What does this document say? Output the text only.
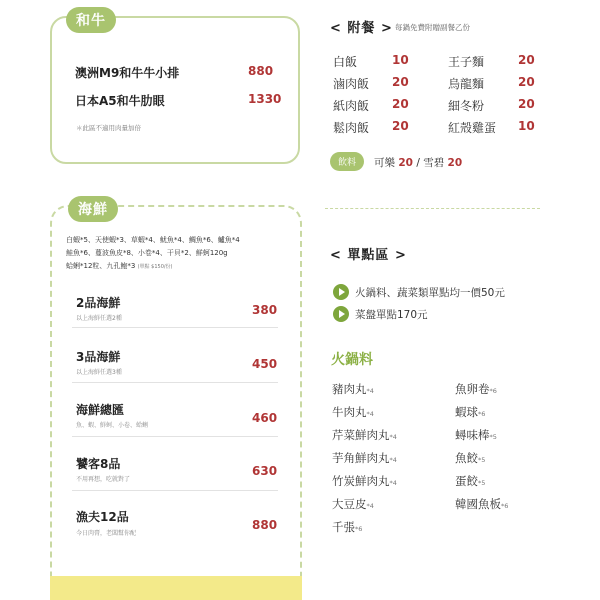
和牛
澳洲M9和牛牛小排	880
日本A5和牛肋眼	1330
＊此區不適用肉量加倍
海鮮
白蝦*5、天使蝦*3、草蝦*4、魷魚*4、鯛魚*6、鱸魚*4
鮭魚*6、蔓波魚皮*8、小卷*4、干貝*2、鮮蚵120g
蛤蜊*12粒、九孔鮑*3 (單點 $150/份)
2品海鮮
以上海鮮任選2種
380
3品海鮮
以上海鮮任選3種
450
海鮮總匯
魚、蝦、鮮蚵、小卷、蛤蜊
460
饕客8品
不用再想，吃就對了
630
漁夫12品
今日肉膏，老闆幫你配
880
< 附餐 > 每鍋免費附贈副餐乙份
白飯	10
滷肉飯 20
紙肉飯 20
鬆肉飯 20
王子麵	20
烏龍麵	20
細冬粉	20
紅殼雞蛋 10
飲料	可樂 20 / 雪碧 20
< 單點區 >
火鍋料、蔬菜類單點均一價50元
菜盤單點170元
火鍋料
豬肉丸*4
牛肉丸*4
芹菜鮮肉丸*4
芋角鮮肉丸*4
竹炭鮮肉丸*4
大豆皮*4
千張*6
魚卵卷*6
蝦球*6
蟳味棒*5
魚餃*5
蛋餃*5
韓國魚板*6
